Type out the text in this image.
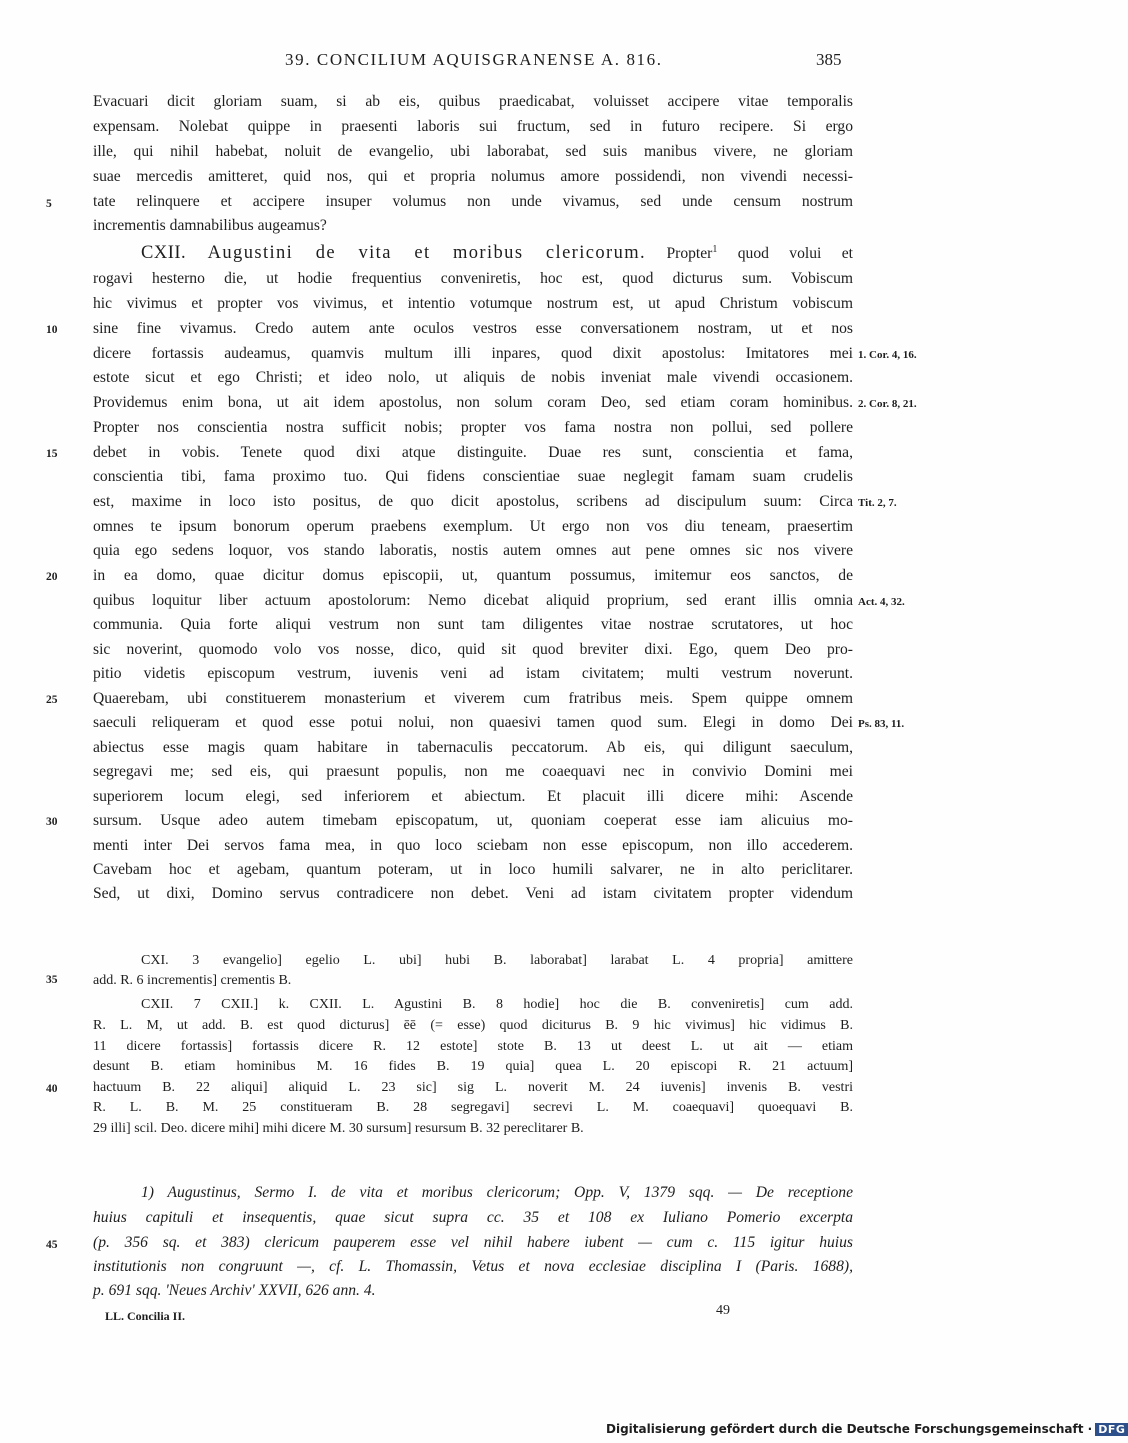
39. CONCILIUM AQUISGRANENSE A. 816.	385
Evacuari dicit gloriam suam, si ab eis, quibus praedicabat, voluisset accipere vitae temporalis
expensam. Nolebat quippe in praesenti laboris sui fructum, sed in futuro recipere. Si ergo
ille, qui nihil habebat, noluit de evangelio, ubi laborabat, sed suis manibus vivere, ne gloriam
suae mercedis amitteret, quid nos, qui et propria nolumus amore possidendi, non vivendi necessi-
tate relinquere et accipere insuper volumus non unde vivamus, sed unde censum nostrum
incrementis damnabilibus augeamus?
CXII. Augustini de vita et moribus clericorum. Propter$^1$ quod volui et
rogavi hesterno die, ut hodie frequentius conveniretis, hoc est, quod dicturus sum. Vobiscum
hic vivimus et propter vos vivimus, et intentio votumque nostrum est, ut apud Christum vobiscum
sine fine vivamus. Credo autem ante oculos vestros esse conversationem nostram, ut et nos
dicere fortassis audeamus, quamvis multum illi inpares, quod dixit apostolus: Imitatores mei
estote sicut et ego Christi; et ideo nolo, ut aliquis de nobis inveniat male vivendi occasionem.
Providemus enim bona, ut ait idem apostolus, non solum coram Deo, sed etiam coram hominibus.
Propter nos conscientia nostra sufficit nobis; propter vos fama nostra non pollui, sed pollere
debet in vobis. Tenete quod dixi atque distinguite. Duae res sunt, conscientia et fama,
conscientia tibi, fama proximo tuo. Qui fidens conscientiae suae neglegit famam suam crudelis
est, maxime in loco isto positus, de quo dicit apostolus, scribens ad discipulum suum: Circa
omnes te ipsum bonorum operum praebens exemplum. Ut ergo non vos diu teneam, praesertim
quia ego sedens loquor, vos stando laboratis, nostis autem omnes aut pene omnes sic nos vivere
in ea domo, quae dicitur domus episcopii, ut, quantum possumus, imitemur eos sanctos, de
quibus loquitur liber actuum apostolorum: Nemo dicebat aliquid proprium, sed erant illis omnia
communia. Quia forte aliqui vestrum non sunt tam diligentes vitae nostrae scrutatores, ut hoc
sic noverint, quomodo volo vos nosse, dico, quid sit quod breviter dixi. Ego, quem Deo pro-
pitio videtis episcopum vestrum, iuvenis veni ad istam civitatem; multi vestrum noverunt.
Quaerebam, ubi constituerem monasterium et viverem cum fratribus meis. Spem quippe omnem
saeculi reliqueram et quod esse potui nolui, non quaesivi tamen quod sum. Elegi in domo Dei
abiectus esse magis quam habitare in tabernaculis peccatorum. Ab eis, qui diligunt saeculum,
segregavi me; sed eis, qui praesunt populis, non me coaequavi nec in convivio Domini mei
superiorem locum elegi, sed inferiorem et abiectum. Et placuit illi dicere mihi: Ascende
sursum. Usque adeo autem timebam episcopatum, ut, quoniam coeperat esse iam alicuius mo-
menti inter Dei servos fama mea, in quo loco sciebam non esse episcopum, non illo accederem.
Cavebam hoc et agebam, quantum poteram, ut in loco humili salvarer, ne in alto periclitarer.
Sed, ut dixi, Domino servus contradicere non debet. Veni ad istam civitatem propter videndum
5
10
15
20
25
30
35
40
45
1. Cor. 4, 16.
2. Cor. 8, 21.
Tit. 2, 7.
Act. 4, 32.
Ps. 83, 11.
CXI. 3 evangelio] egelio L. ubi] hubi B. laborabat] larabat L. 4 propria] amittere
add. R. 6 incrementis] crementis B.
CXII. 7 CXII.] k. CXII. L. Agustini B. 8 hodie] hoc die B. conveniretis] cum add.
R. L. M, ut add. B. est quod dicturus] ēē (= esse) quod diciturus B. 9 hic vivimus] hic vidimus B.
11 dicere fortassis] fortassis dicere R. 12 estote] stote B. 13 ut deest L. ut ait — etiam
desunt B. etiam hominibus M. 16 fides B. 19 quia] quea L. 20 episcopi R. 21 actuum]
hactuum B. 22 aliqui] aliquid L. 23 sic] sig L. noverit M. 24 iuvenis] invenis B. vestri
R. L. B. M. 25 constitueram B. 28 segregavi] secrevi L. M. coaequavi] quoequavi B.
29 illi] scil. Deo. dicere mihi] mihi dicere M. 30 sursum] resursum B. 32 pereclitarer B.
1) Augustinus, Sermo I. de vita et moribus clericorum; Opp. V, 1379 sqq. — De receptione
huius capituli et insequentis, quae sicut supra cc. 35 et 108 ex Iuliano Pomerio excerpta
(p. 356 sq. et 383) clericum pauperem esse vel nihil habere iubent — cum c. 115 igitur huius
institutionis non congruunt —, cf. L. Thomassin, Vetus et nova ecclesiae disciplina I (Paris. 1688),
p. 691 sqq. 'Neues Archiv' XXVII, 626 ann. 4.
LL. Concilia II.	49
Digitalisierung gefördert durch die Deutsche Forschungsgemeinschaft · DFG
